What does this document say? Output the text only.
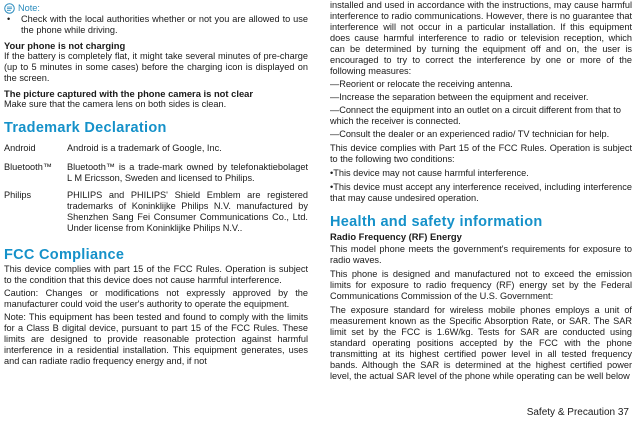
Note:
•	Check with the local authorities whether or not you are allowed to use the phone while driving.
Your phone is not charging

If the battery is completely flat, it might take several minutes of pre-charge (up to 5 minutes in some cases) before the charging icon is displayed on the screen.

The picture captured with the phone camera is not clear

Make sure that the camera lens on both sides is clean.

Trademark Declaration
Android	Android is a trademark of Google, Inc.

Bluetooth™	Bluetooth™ is a trade-mark owned by telefonaktiebolaget L M Ericsson, Sweden and licensed to Philips.

Philips	PHILIPS and PHILIPS' Shield Emblem are registered trademarks of Koninklijke Philips N.V. manufactured by Shenzhen Sang Fei Consumer Communications Co., Ltd. Under license from Koninklijke Philips N.V..
FCC Compliance

This device complies with part 15 of the FCC Rules. Operation is subject to the condition that this device does not cause harmful interference.

Caution: Changes or modifications not expressly approved by the manufacturer could void the user's authority to operate the equipment.

Note: This equipment has been tested and found to comply with the limits for a Class B digital device, pursuant to part 15 of the FCC Rules. These limits are designed to provide reasonable protection against harmful interference in a residential installation. This equipment generates, uses and can radiate radio frequency energy and, if not

installed and used in accordance with the instructions, may cause harmful interference to radio communications. However, there is no guarantee that interference will not occur in a particular installation. If this equipment does cause harmful interference to radio or television reception, which can be determined by turning the equipment off and on, the user is encouraged to try to correct the interference by one or more of the following measures:

—Reorient or relocate the receiving antenna.

—Increase the separation between the equipment and receiver.

—Connect the equipment into an outlet on a circuit different from that to which the receiver is connected.

—Consult the dealer or an experienced radio/ TV technician for help.

This device complies with Part 15 of the FCC Rules. Operation is subject to the following two conditions:

•This device may not cause harmful interference.

•This device must accept any interference received, including interference that may cause undesired operation.

Health and safety information
Radio Frequency (RF) Energy

This model phone meets the government's requirements for exposure to radio waves.

This phone is designed and manufactured not to exceed the emission limits for exposure to radio frequency (RF) energy set by the Federal Communications Commission of the U.S. Government:

The exposure standard for wireless mobile phones employs a unit of measurement known as the Specific Absorption Rate, or SAR. The SAR limit set by the FCC is 1.6W/kg. Tests for SAR are conducted using standard operating positions accepted by the FCC with the phone transmitting at its highest certified power level in all tested frequency bands. Although the SAR is determined at the highest certified power level, the actual SAR level of the phone while operating can be well below

Safety & Precaution 37
